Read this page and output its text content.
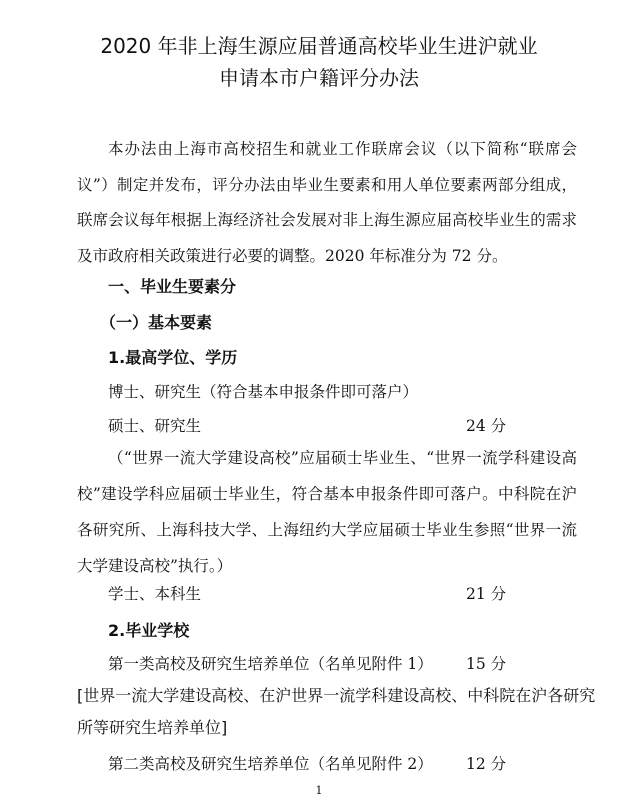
2020 年非上海生源应届普通高校毕业生进沪就业
申请本市户籍评分办法
本办法由上海市高校招生和就业工作联席会议（以下简称“联席会议”）制定并发布，评分办法由毕业生要素和用人单位要素两部分组成，联席会议每年根据上海经济社会发展对非上海生源应届高校毕业生的需求及市政府相关政策进行必要的调整。2020 年标准分为 72 分。
一、毕业生要素分
（一）基本要素
1.最高学位、学历
博士、研究生（符合基本申报条件即可落户）
硕士、研究生	24 分
（“世界一流大学建设高校”应届硕士毕业生、“世界一流学科建设高校”建设学科应届硕士毕业生，符合基本申报条件即可落户。中科院在沪各研究所、上海科技大学、上海纽约大学应届硕士毕业生参照“世界一流大学建设高校”执行。）
学士、本科生	21 分
2.毕业学校
第一类高校及研究生培养单位（名单见附件 1） 15 分
[世界一流大学建设高校、在沪世界一流学科建设高校、中科院在沪各研究所等研究生培养单位]
第二类高校及研究生培养单位（名单见附件 2） 12 分
1
